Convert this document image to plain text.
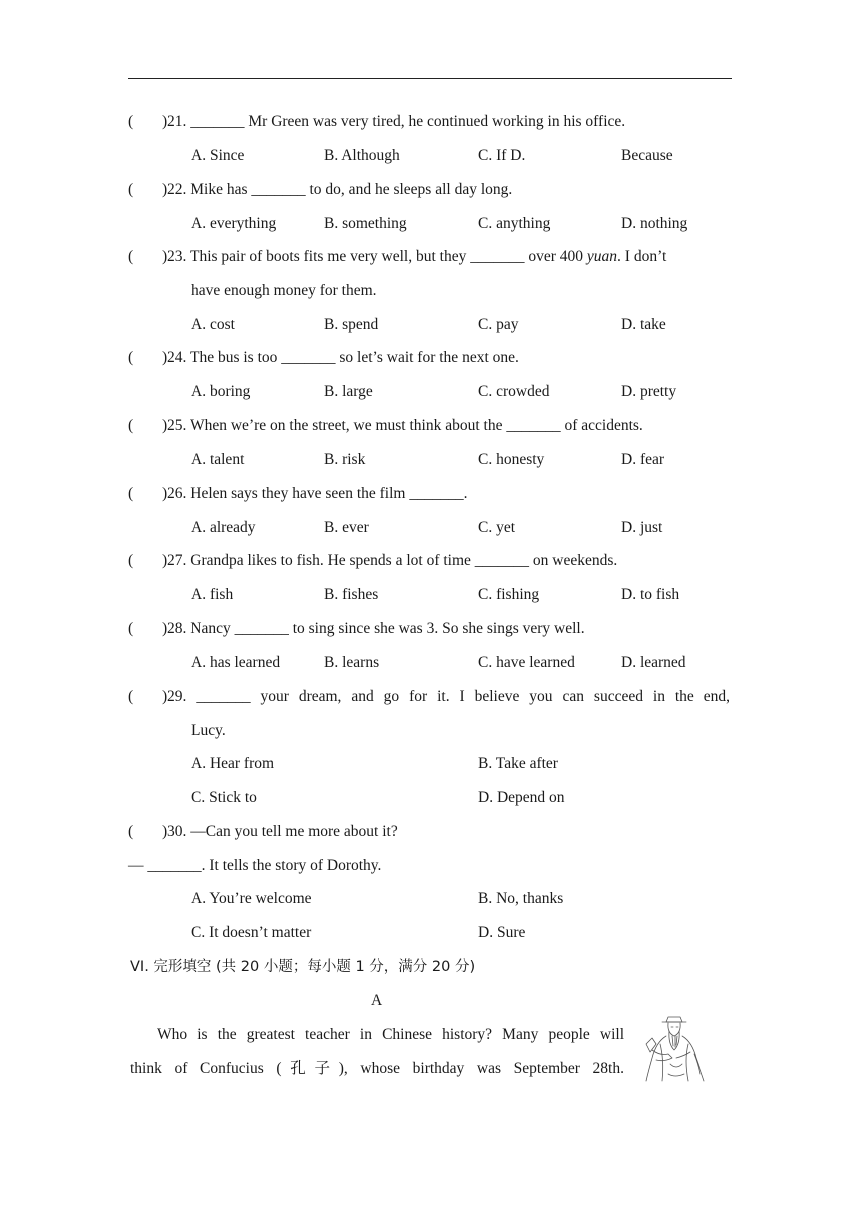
( ) 21. _______ Mr Green was very tired, he continued working in his office.
A. Since	B. Although	C. If D.	Because
( ) 22. Mike has _______ to do, and he sleeps all day long.
A. everything	B. something	C. anything	D. nothing
( ) 23. This pair of boots fits me very well, but they _______ over 400 yuan. I don’t
have enough money for them.
A. cost	B. spend	C. pay	D. take
( ) 24. The bus is too _______ so let’s wait for the next one.
A. boring	B. large	C. crowded	D. pretty
( ) 25. When we’re on the street, we must think about the _______ of accidents.
A. talent	B. risk	C. honesty	D. fear
( ) 26. Helen says they have seen the film _______.
A. already	B. ever	C. yet	D. just
( ) 27. Grandpa likes to fish. He spends a lot of time _______ on weekends.
A. fish	B. fishes	C. fishing	D. to fish
( ) 28. Nancy _______ to sing since she was 3. So she sings very well.
A. has learned	B. learns	C. have learned	D. learned
( ) 29. _______ your dream, and go for it. I believe you can succeed in the end,
Lucy.
A. Hear from	B. Take after
C. Stick to	D. Depend on
( ) 30. —Can you tell me more about it?
— _______. It tells the story of Dorothy.
A. You’re welcome	B. No, thanks
C. It doesn’t matter	D. Sure
VI. 完形填空 (共 20 小题；每小题 1 分，满分 20 分)
A
Who is the greatest teacher in Chinese history? Many people will
think of Confucius (孔子), whose birthday was September 28th.
